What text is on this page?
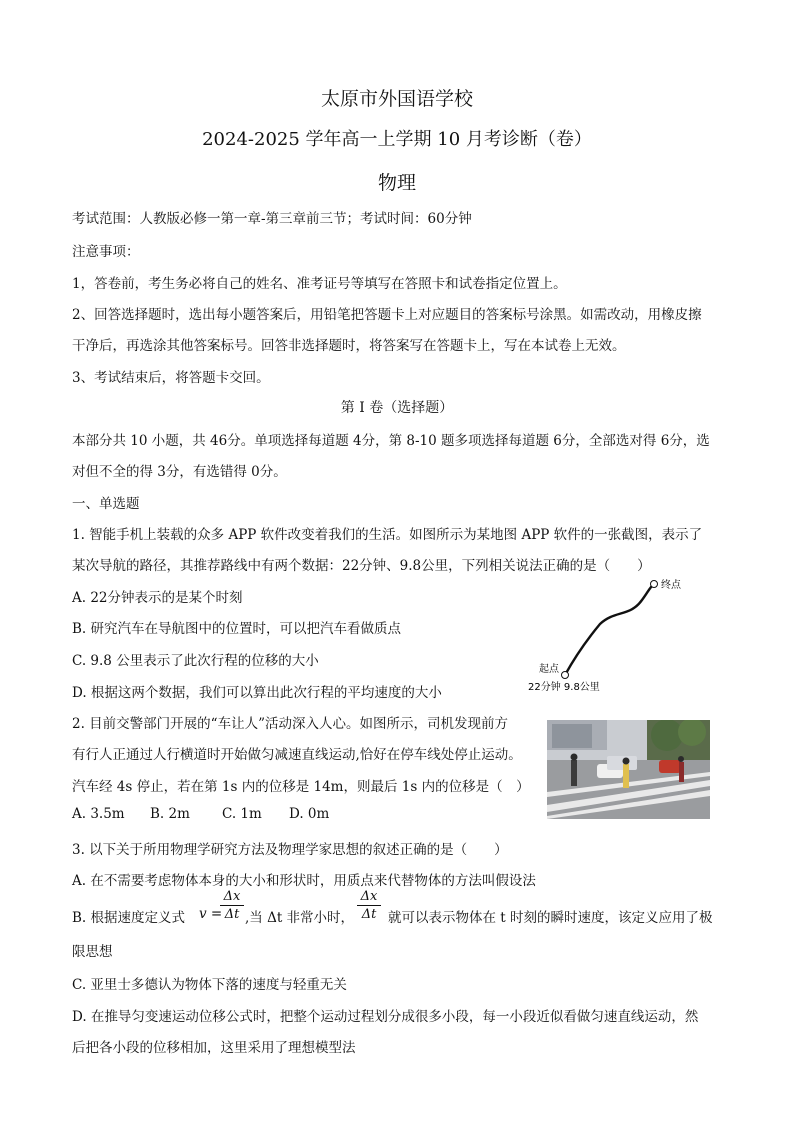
太原市外国语学校
2024-2025 学年高一上学期 10 月考诊断（卷）
物理
考试范围：人教版必修一第一章-第三章前三节；考试时间：60分钟
注意事项：
1，答卷前，考生务必将自己的姓名、准考证号等填写在答照卡和试卷指定位置上。
2、回答选择题时，选出每小题答案后，用铅笔把答题卡上对应题目的答案标号涂黑。如需改动，用橡皮擦
干净后，再选涂其他答案标号。回答非选择题时，将答案写在答题卡上，写在本试卷上无效。
3、考试结束后，将答题卡交回。
第 I 卷（选择题）
本部分共 10 小题，共 46分。单项选择每道题 4分，第 8-10 题多项选择每道题 6分，全部选对得 6分，选
对但不全的得 3分，有选错得 0分。
一、单选题
1. 智能手机上装载的众多 APP 软件改变着我们的生活。如图所示为某地图 APP 软件的一张截图，表示了
某次导航的路径，其推荐路线中有两个数据：22分钟、9.8公里，下列相关说法正确的是（　　）
A. 22分钟表示的是某个时刻
B. 研究汽车在导航图中的位置时，可以把汽车看做质点
C. 9.8 公里表示了此次行程的位移的大小
D. 根据这两个数据，我们可以算出此次行程的平均速度的大小
终点
起点
22分钟 9.8公里
2. 目前交警部门开展的“车让人”活动深入人心。如图所示，司机发现前方
有行人正通过人行横道时开始做匀减速直线运动,恰好在停车线处停止运动。
汽车经 4s 停止，若在第 1s 内的位移是 14m，则最后 1s 内的位移是（　）
A. 3.5m B. 2m C. 1m D. 0m
3. 以下关于所用物理学研究方法及物理学家思想的叙述正确的是（　　）
A. 在不需要考虑物体本身的大小和形状时，用质点来代替物体的方法叫假设法
B. 根据速度定义式 v =
Δx
Δt ,当 Δt 非常小时，
Δx
Δt 就可以表示物体在 t 时刻的瞬时速度，该定义应用了极
限思想
C. 亚里士多德认为物体下落的速度与轻重无关
D. 在推导匀变速运动位移公式时，把整个运动过程划分成很多小段，每一小段近似看做匀速直线运动，然
后把各小段的位移相加，这里采用了理想模型法
